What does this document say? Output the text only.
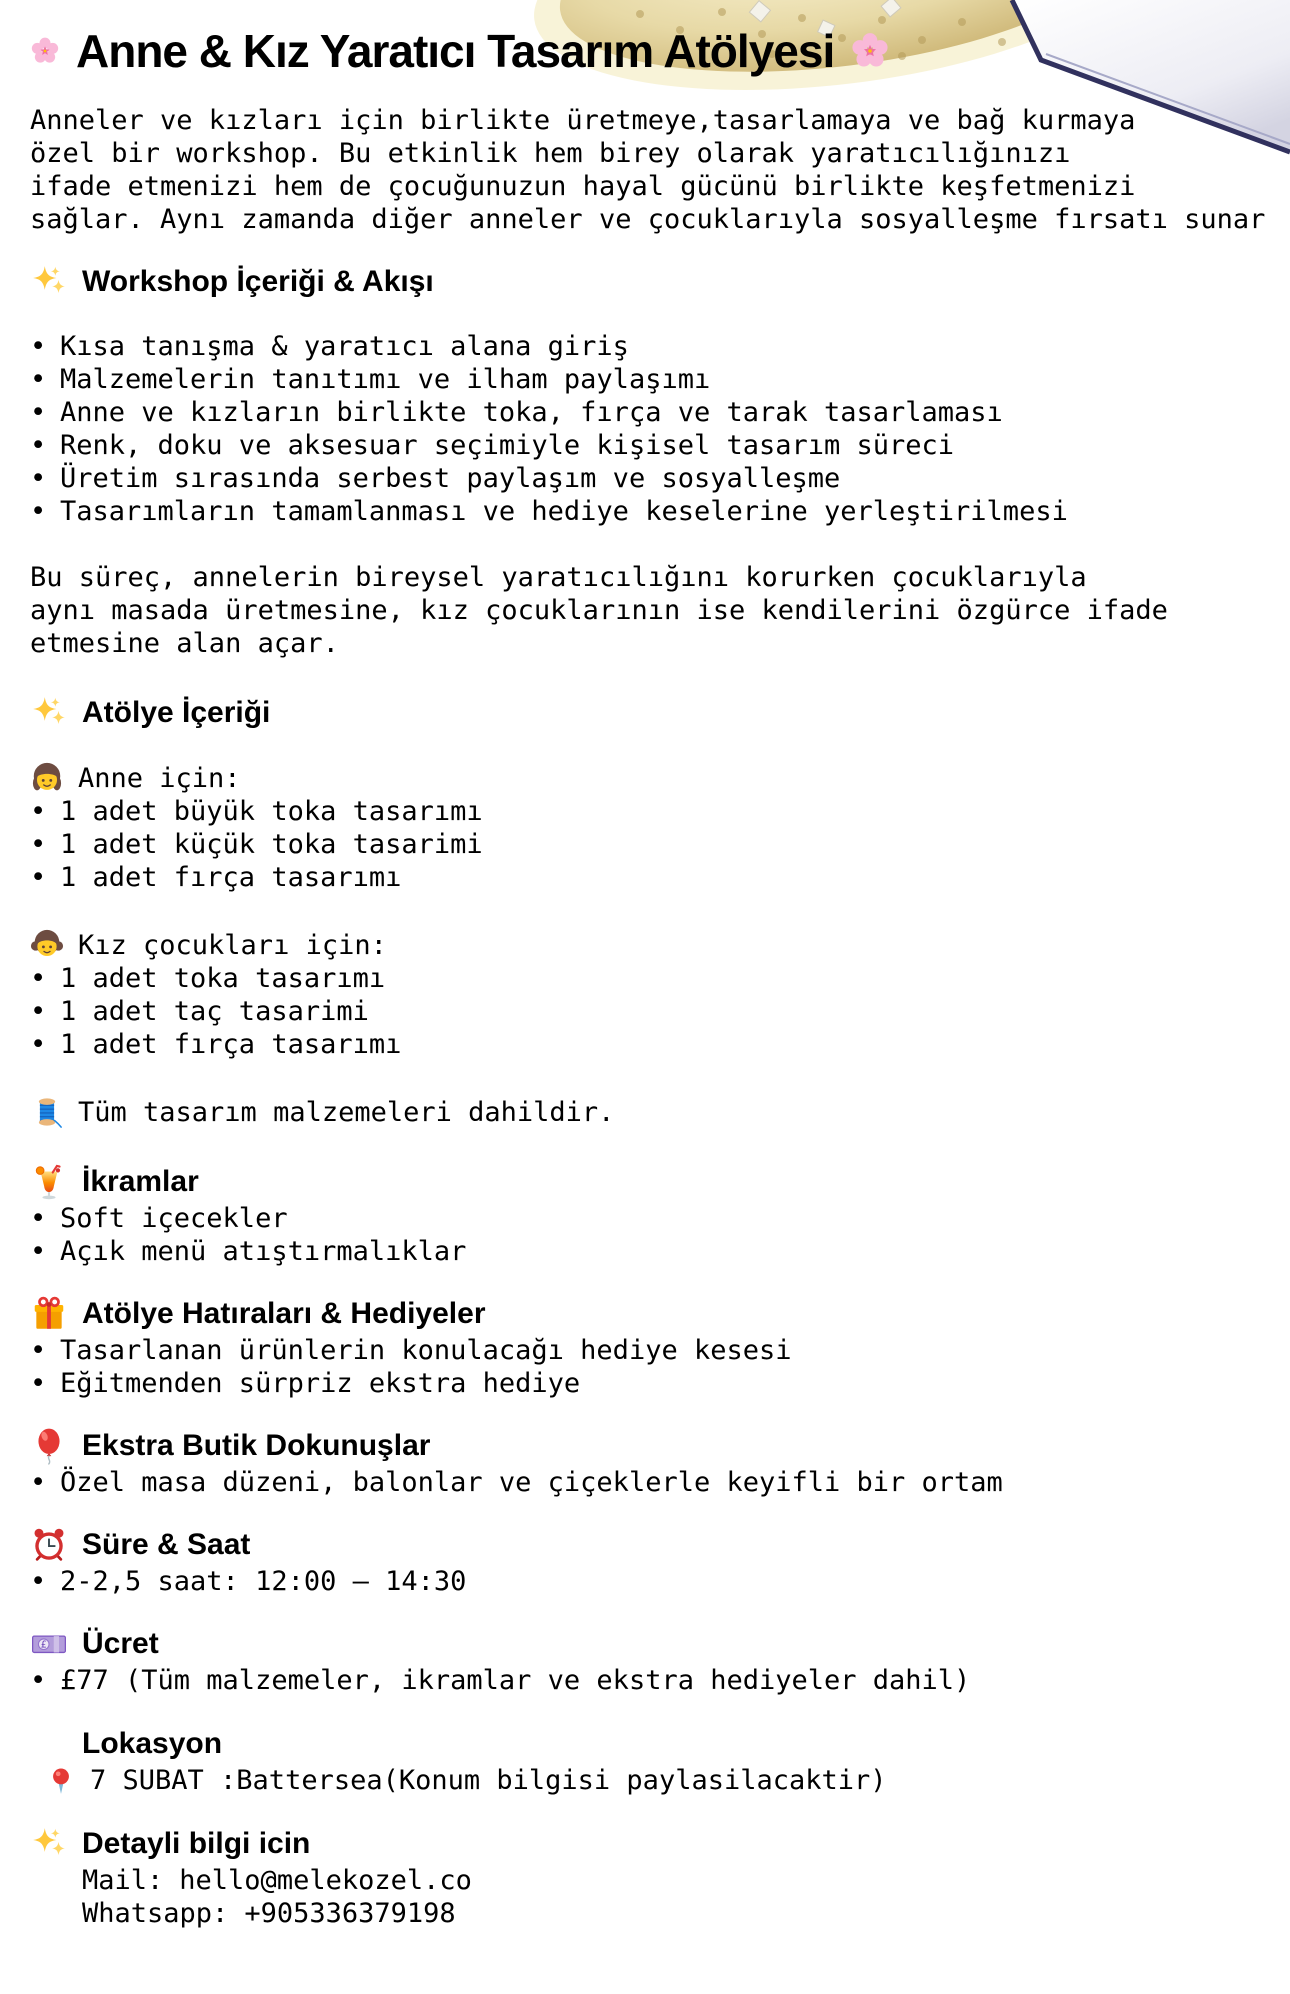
Anne & Kız Yaratıcı Tasarım Atölyesi
Anneler ve kızları için birlikte üretmeye,tasarlamaya ve bağ kurmaya
özel bir workshop. Bu etkinlik hem birey olarak yaratıcılığınızı
ifade etmenizi hem de çocuğunuzun hayal gücünü birlikte keşfetmenizi
sağlar. Aynı zamanda diğer anneler ve çocuklarıyla sosyalleşme fırsatı sunar
Workshop İçeriği & Akışı
• Kısa tanışma & yaratıcı alana giriş
• Malzemelerin tanıtımı ve ilham paylaşımı
• Anne ve kızların birlikte toka, fırça ve tarak tasarlaması
• Renk, doku ve aksesuar seçimiyle kişisel tasarım süreci
• Üretim sırasında serbest paylaşım ve sosyalleşme
• Tasarımların tamamlanması ve hediye keselerine yerleştirilmesi
Bu süreç, annelerin bireysel yaratıcılığını korurken çocuklarıyla
aynı masada üretmesine, kız çocuklarının ise kendilerini özgürce ifade
etmesine alan açar.
Atölye İçeriği
Anne için:
• 1 adet büyük toka tasarımı
• 1 adet küçük toka tasarimi
• 1 adet fırça tasarımı
Kız çocukları için:
• 1 adet toka tasarımı
• 1 adet taç tasarimi
• 1 adet fırça tasarımı
Tüm tasarım malzemeleri dahildir.
İkramlar
• Soft içecekler
• Açık menü atıştırmalıklar
Atölye Hatıraları & Hediyeler
• Tasarlanan ürünlerin konulacağı hediye kesesi
• Eğitmenden sürpriz ekstra hediye
Ekstra Butik Dokunuşlar
• Özel masa düzeni, balonlar ve çiçeklerle keyifli bir ortam
Süre & Saat
• 2-2,5 saat: 12:00 – 14:30
Ücret
• £77 (Tüm malzemeler, ikramlar ve ekstra hediyeler dahil)
Lokasyon
7 SUBAT :Battersea(Konum bilgisi paylasilacaktir)
Detayli bilgi icin
Mail: hello@melekozel.co
Whatsapp: +905336379198
